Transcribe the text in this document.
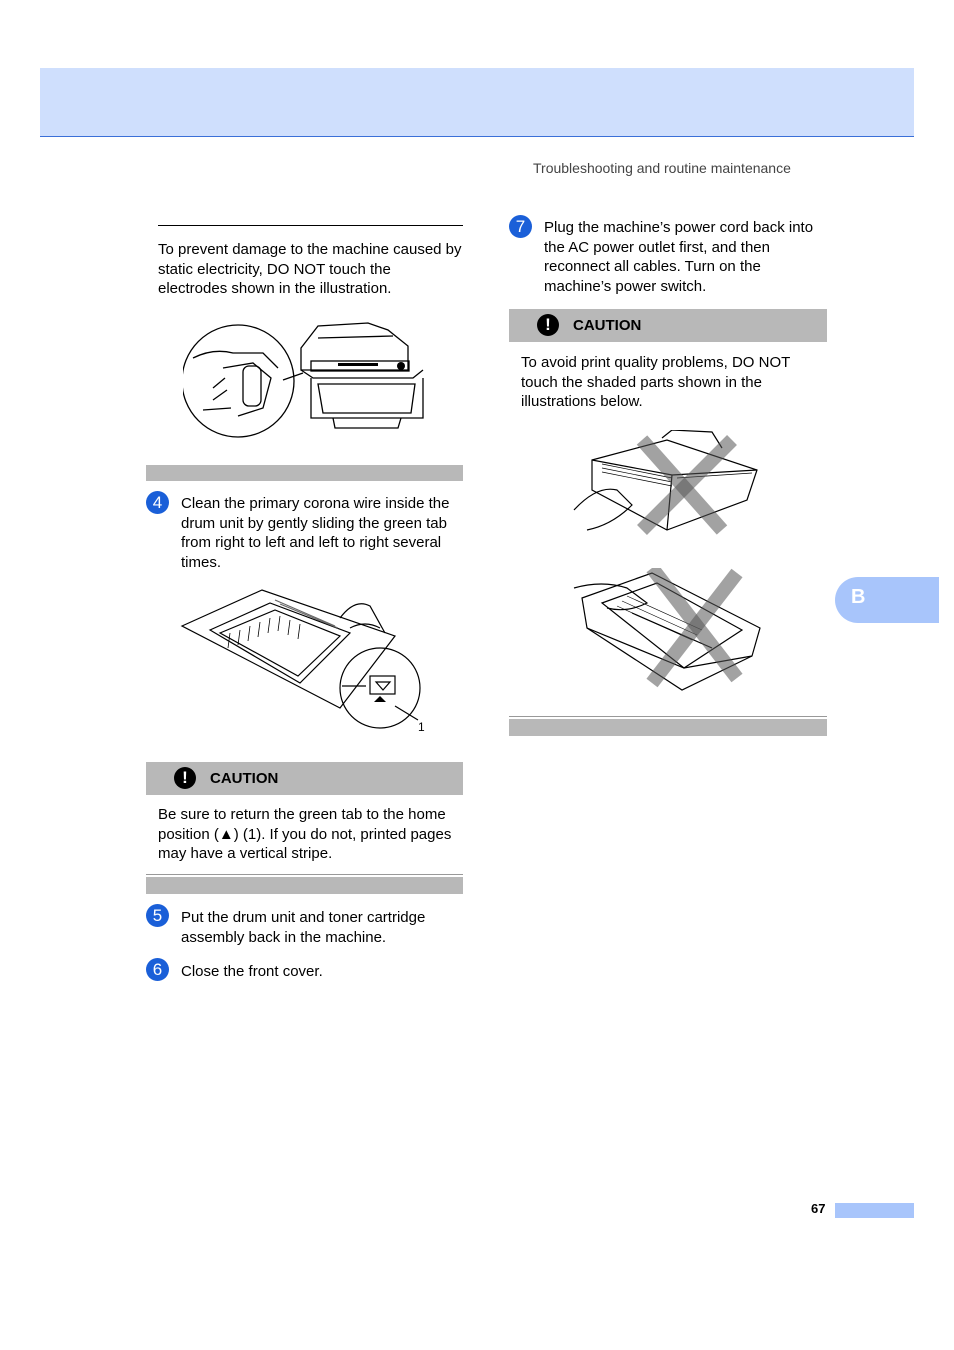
Troubleshooting and routine maintenance
To prevent damage to the machine caused by static electricity, DO NOT touch the electrodes shown in the illustration.
4	Clean the primary corona wire inside the drum unit by gently sliding the green tab from right to left and left to right several times.
1
!	CAUTION
Be sure to return the green tab to the home position (▲) (1). If you do not, printed pages may have a vertical stripe.
5	Put the drum unit and toner cartridge assembly back in the machine.
6	Close the front cover.
7	Plug the machine’s power cord back into the AC power outlet first, and then reconnect all cables. Turn on the machine’s power switch.
!	CAUTION
To avoid print quality problems, DO NOT touch the shaded parts shown in the illustrations below.
B
67
